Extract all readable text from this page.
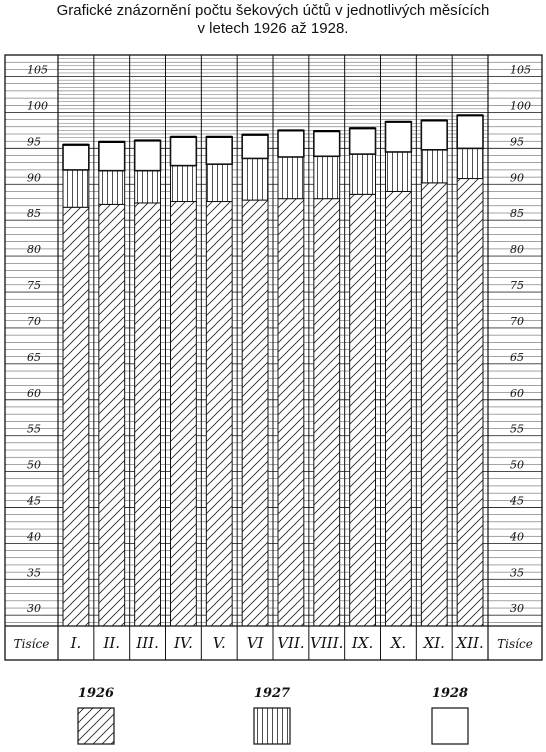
Grafické znázornění počtu šekových účtů v jednotlivých měsících
v letech 1926 až 1928.
30
35
40
45
50
55
60
65
70
75
80
85
90
95
100
105
30
35
40
45
50
55
60
65
70
75
80
85
90
95
100
105
I. II. III. IV. V. VI VII. VIII. IX. X. XI. XII.
Tisíce	Tisíce
1926	1927	1928
